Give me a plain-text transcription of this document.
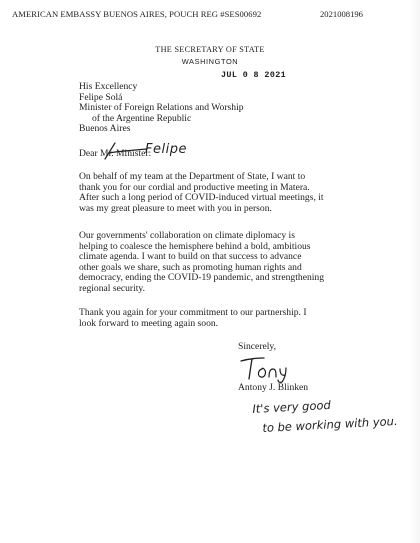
AMERICAN EMBASSY BUENOS AIRES, POUCH REG #SES00692	2021008196
THE SECRETARY OF STATE
WASHINGTON
JUL 0 8 2021
His Excellency
Felipe Solá
Minister of Foreign Relations and Worship
of the Argentine Republic
Buenos Aires
Dear Mr. Minister:
Felipe
On behalf of my team at the Department of State, I want to
thank you for our cordial and productive meeting in Matera.
After such a long period of COVID-induced virtual meetings, it
was my great pleasure to meet with you in person.
Our governments' collaboration on climate diplomacy is
helping to coalesce the hemisphere behind a bold, ambitious
climate agenda. I want to build on that success to advance
other goals we share, such as promoting human rights and
democracy, ending the COVID-19 pandemic, and strengthening
regional security.
Thank you again for your commitment to our partnership. I
look forward to meeting again soon.
Sincerely,
Antony J. Blinken
It's very good
to be working with you.
